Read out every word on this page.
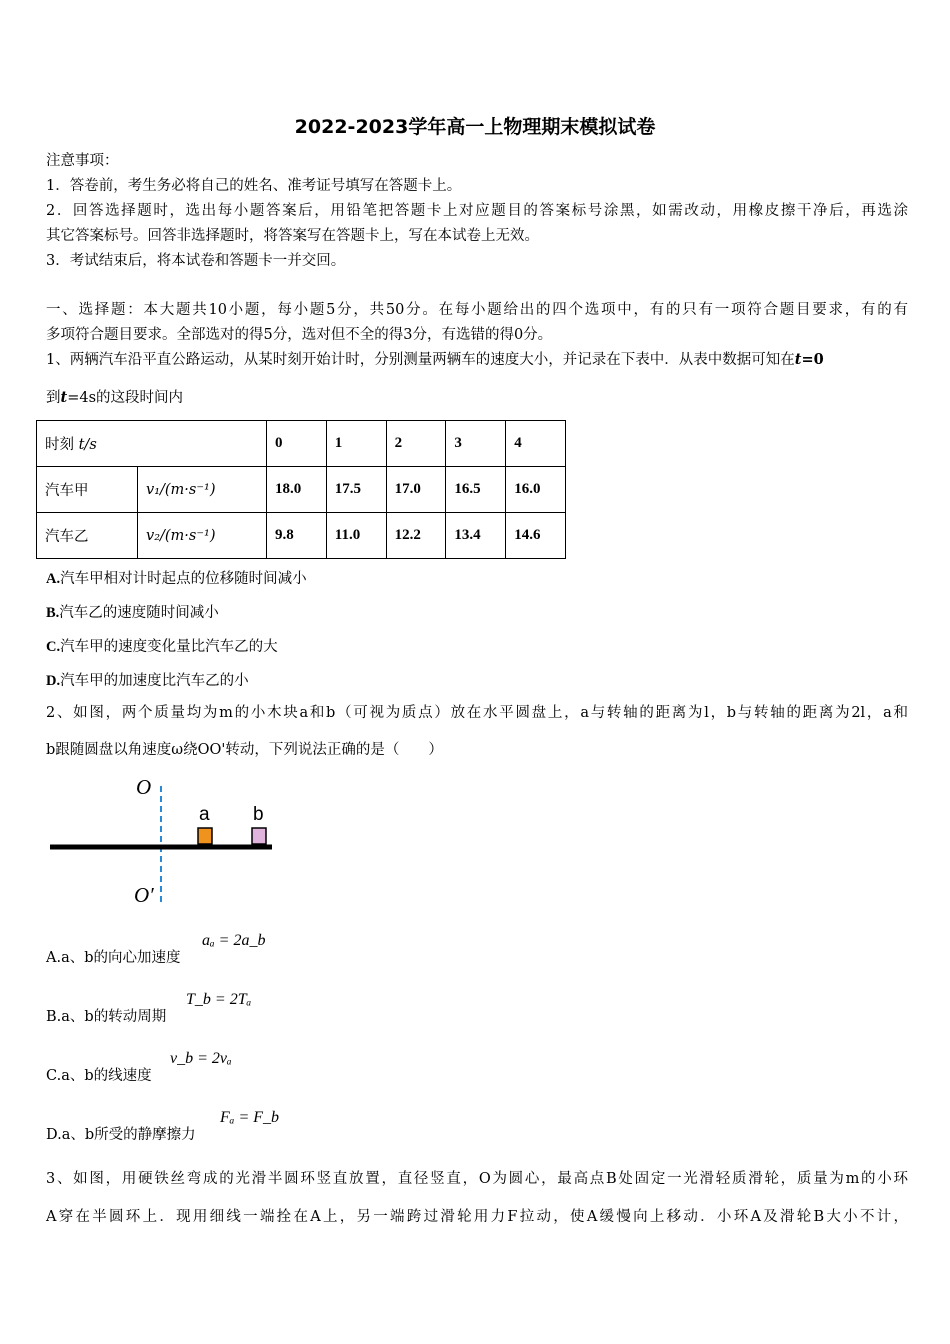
2022-2023学年高一上物理期末模拟试卷
注意事项：
1．答卷前，考生务必将自己的姓名、准考证号填写在答题卡上。
2．回答选择题时，选出每小题答案后，用铅笔把答题卡上对应题目的答案标号涂黑，如需改动，用橡皮擦干净后，再选涂
其它答案标号。回答非选择题时，将答案写在答题卡上，写在本试卷上无效。
3．考试结束后，将本试卷和答题卡一并交回。
一、选择题：本大题共10小题，每小题5分，共50分。在每小题给出的四个选项中，有的只有一项符合题目要求，有的有
多项符合题目要求。全部选对的得5分，选对但不全的得3分，有选错的得0分。
1、两辆汽车沿平直公路运动，从某时刻开始计时，分别测量两辆车的速度大小，并记录在下表中．从表中数据可知在t=0
到t=4s的这段时间内
时刻 t/s		0	1	2	3	4
汽车甲	v₁/(m·s⁻¹)	18.0	17.5	17.0	16.5	16.0
汽车乙	v₂/(m·s⁻¹)	9.8	11.0	12.2	13.4	14.6
A.汽车甲相对计时起点的位移随时间减小
B.汽车乙的速度随时间减小
C.汽车甲的速度变化量比汽车乙的大
D.汽车甲的加速度比汽车乙的小
2、如图，两个质量均为m的小木块a和b（可视为质点）放在水平圆盘上，a与转轴的距离为l，b与转轴的距离为2l，a和
b跟随圆盘以角速度ω绕OO'转动，下列说法正确的是（　　）
O
a b
O′
A.a、b的向心加速度
aₐ = 2a_b
B.a、b的转动周期
T_b = 2Tₐ
C.a、b的线速度
v_b = 2vₐ
D.a、b所受的静摩擦力
Fₐ = F_b
3、如图，用硬铁丝弯成的光滑半圆环竖直放置，直径竖直，O为圆心，最高点B处固定一光滑轻质滑轮，质量为m的小环
A穿在半圆环上．现用细线一端拴在A上，另一端跨过滑轮用力F拉动，使A缓慢向上移动．小环A及滑轮B大小不计，
